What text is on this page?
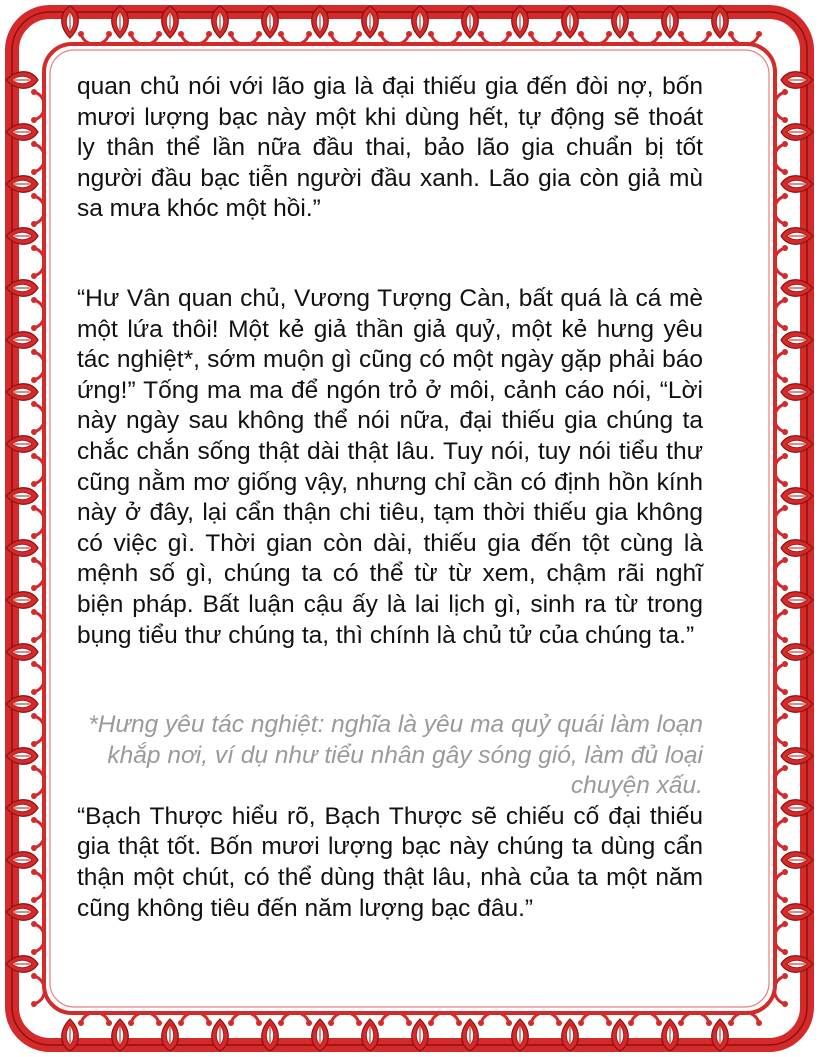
quan chủ nói với lão gia là đại thiếu gia đến đòi nợ, bốn mươi lượng bạc này một khi dùng hết, tự động sẽ thoát ly thân thể lần nữa đầu thai, bảo lão gia chuẩn bị tốt người đầu bạc tiễn người đầu xanh. Lão gia còn giả mù sa mưa khóc một hồi.”

“Hư Vân quan chủ, Vương Tượng Càn, bất quá là cá mè một lứa thôi! Một kẻ giả thần giả quỷ, một kẻ hưng yêu tác nghiệt*, sớm muộn gì cũng có một ngày gặp phải báo ứng!” Tống ma ma để ngón trỏ ở môi, cảnh cáo nói, “Lời này ngày sau không thể nói nữa, đại thiếu gia chúng ta chắc chắn sống thật dài thật lâu. Tuy nói, tuy nói tiểu thư cũng nằm mơ giống vậy, nhưng chỉ cần có định hồn kính này ở đây, lại cẩn thận chi tiêu, tạm thời thiếu gia không có việc gì. Thời gian còn dài, thiếu gia đến tột cùng là mệnh số gì, chúng ta có thể từ từ xem, chậm rãi nghĩ biện pháp. Bất luận cậu ấy là lai lịch gì, sinh ra từ trong bụng tiểu thư chúng ta, thì chính là chủ tử của chúng ta.”

*Hưng yêu tác nghiệt: nghĩa là yêu ma quỷ quái làm loạn khắp nơi, ví dụ như tiểu nhân gây sóng gió, làm đủ loại chuyện xấu.

“Bạch Thược hiểu rõ, Bạch Thược sẽ chiếu cố đại thiếu gia thật tốt. Bốn mươi lượng bạc này chúng ta dùng cẩn thận một chút, có thể dùng thật lâu, nhà của ta một năm cũng không tiêu đến năm lượng bạc đâu.”
